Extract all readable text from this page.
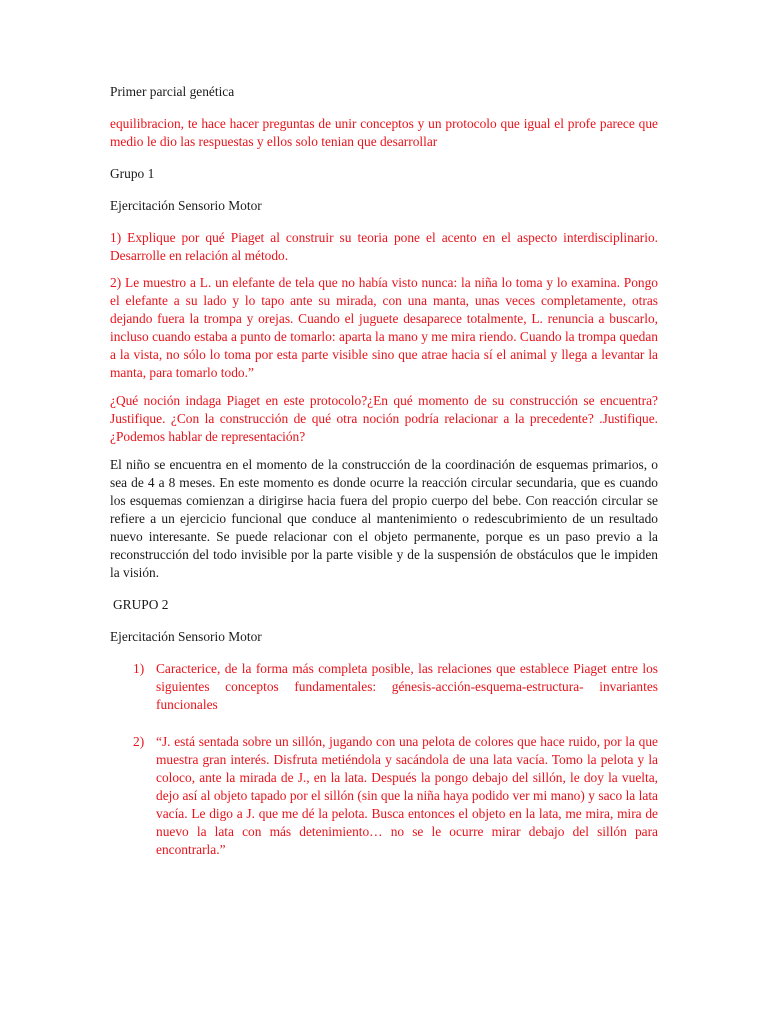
Primer parcial genética

equilibracion, te hace hacer preguntas de unir conceptos y un protocolo que igual el profe parece que medio le dio las respuestas y ellos solo tenian que desarrollar

Grupo 1

Ejercitación Sensorio Motor

1) Explique por qué Piaget al construir su teoria pone el acento en el aspecto interdisciplinario. Desarrolle en relación al método.

2) Le muestro a L. un elefante de tela que no había visto nunca: la niña lo toma y lo examina. Pongo el elefante a su lado y lo tapo ante su mirada, con una manta, unas veces completamente, otras dejando fuera la trompa y orejas. Cuando el juguete desaparece totalmente, L. renuncia a buscarlo, incluso cuando estaba a punto de tomarlo: aparta la mano y me mira riendo. Cuando la trompa quedan a la vista, no sólo lo toma por esta parte visible sino que atrae hacia sí el animal y llega a levantar la manta, para tomarlo todo.”

¿Qué noción indaga Piaget en este protocolo?¿En qué momento de su construcción se encuentra? Justifique. ¿Con la construcción de qué otra noción podría relacionar a la precedente? .Justifique. ¿Podemos hablar de representación?

El niño se encuentra en el momento de la construcción de la coordinación de esquemas primarios, o sea de 4 a 8 meses. En este momento es donde ocurre la reacción circular secundaria, que es cuando los esquemas comienzan a dirigirse hacia fuera del propio cuerpo del bebe. Con reacción circular se refiere a un ejercicio funcional que conduce al mantenimiento o redescubrimiento de un resultado nuevo interesante. Se puede relacionar con el objeto permanente, porque es un paso previo a la reconstrucción del todo invisible por la parte visible y de la suspensión de obstáculos que le impiden la visión.

GRUPO 2

Ejercitación Sensorio Motor

1) Caracterice, de la forma más completa posible, las relaciones que establece Piaget entre los siguientes conceptos fundamentales: génesis-acción-esquema-estructura- invariantes funcionales
2) “J. está sentada sobre un sillón, jugando con una pelota de colores que hace ruido, por la que muestra gran interés. Disfruta metiéndola y sacándola de una lata vacía. Tomo la pelota y la coloco, ante la mirada de J., en la lata. Después la pongo debajo del sillón, le doy la vuelta, dejo así al objeto tapado por el sillón (sin que la niña haya podido ver mi mano) y saco la lata vacía. Le digo a J. que me dé la pelota. Busca entonces el objeto en la lata, me mira, mira de nuevo la lata con más detenimiento… no se le ocurre mirar debajo del sillón para encontrarla.”
